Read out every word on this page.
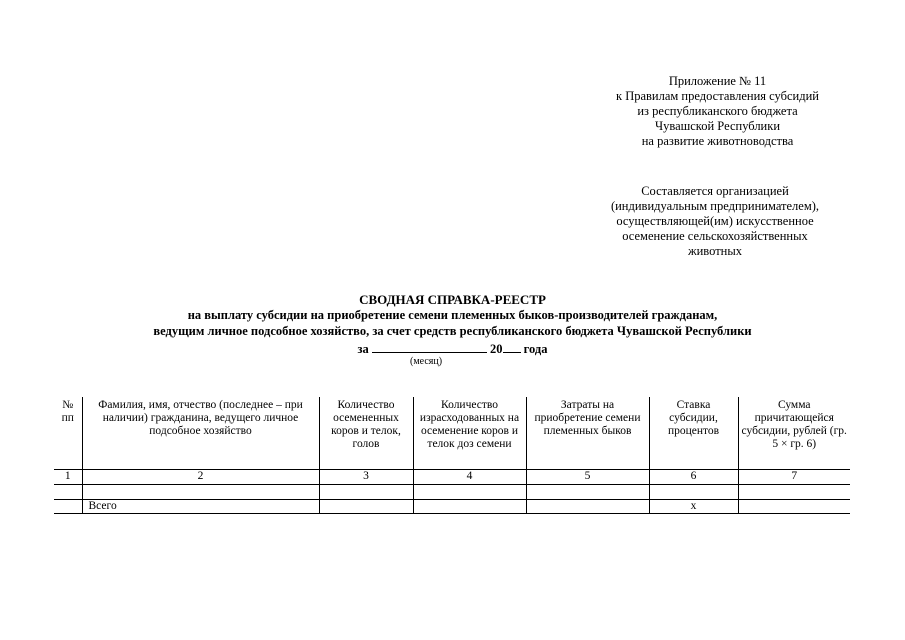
Приложение № 11
к Правилам предоставления субсидий
из республиканского бюджета
Чувашской Республики
на развитие животноводства
Составляется организацией
(индивидуальным предпринимателем),
осуществляющей(им) искусственное
осеменение сельскохозяйственных
животных
СВОДНАЯ СПРАВКА-РЕЕСТР
на выплату субсидии на приобретение семени племенных быков-производителей гражданам,
ведущим личное подсобное хозяйство, за счет средств республиканского бюджета Чувашской Республики
за	20 года
(месяц)
№ пп	Фамилия, имя, отчество (последнее – при наличии) гражданина, ведущего личное подсобное хозяйство	Количество осемененных коров и телок, голов	Количество израсходованных на осеменение коров и телок доз семени	Затраты на приобретение семени племенных быков	Ставка субсидии, процентов	Сумма причитающейся субсидии, рублей (гр. 5 × гр. 6)
1	2	3	4	5	6	7

	Всего				х	
